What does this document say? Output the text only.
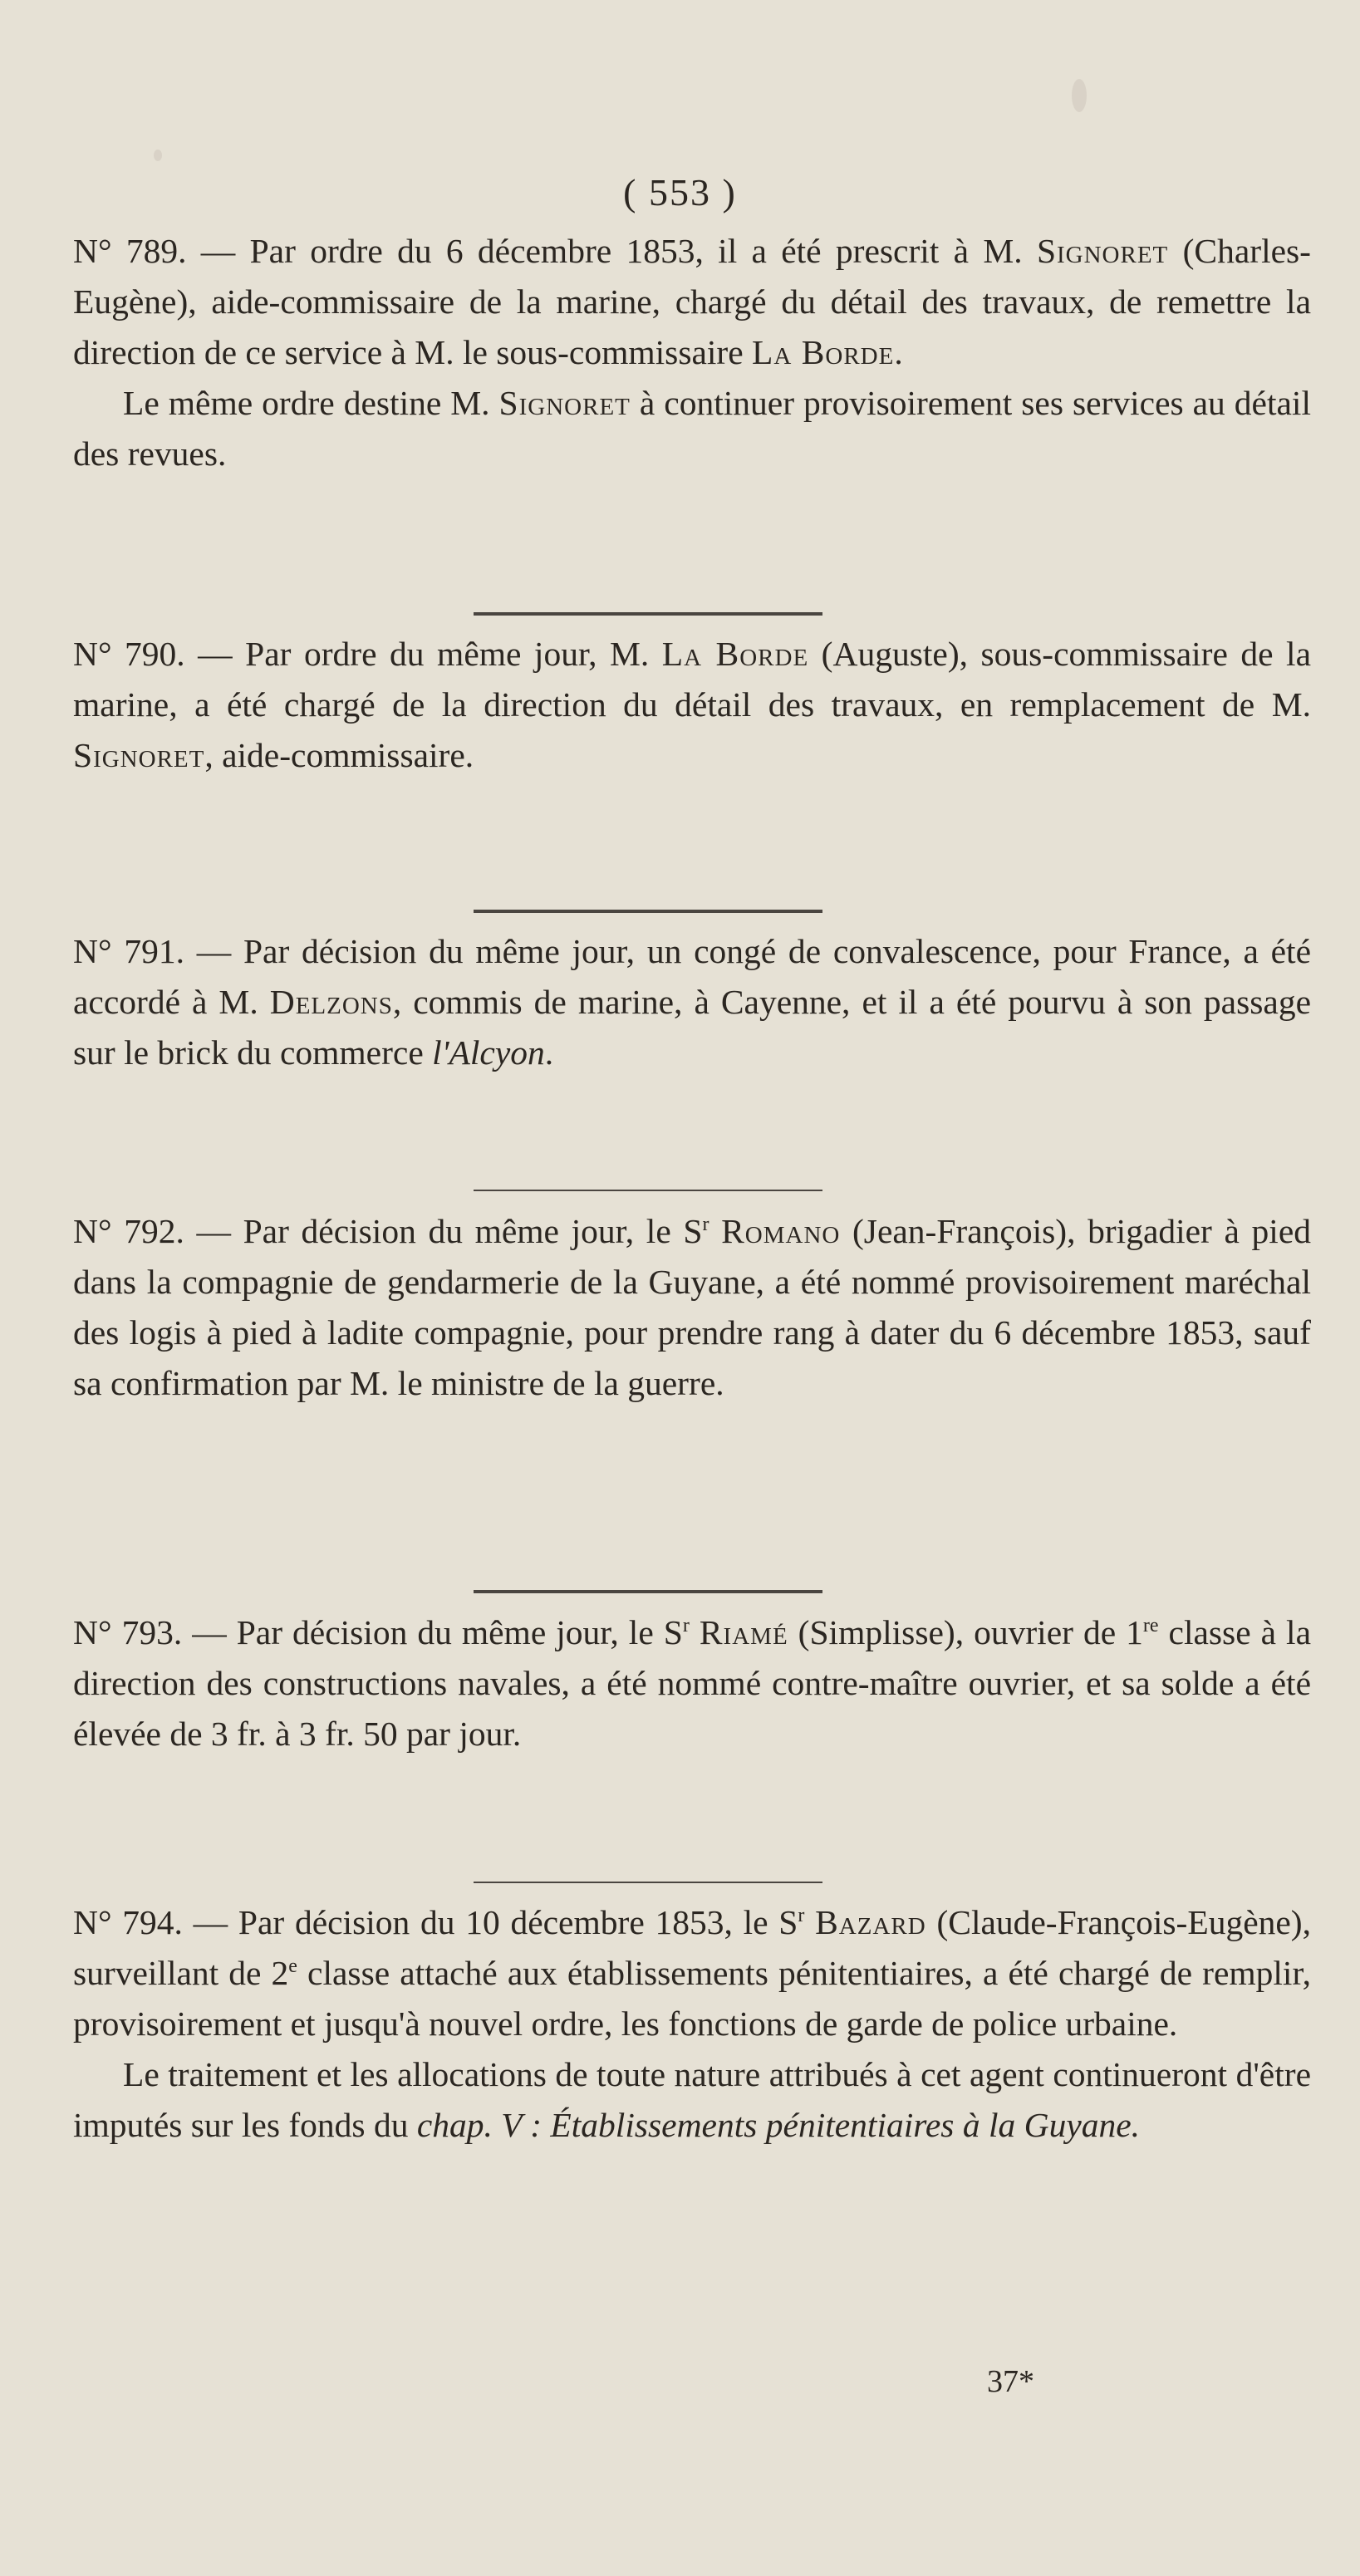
( 553 )

N° 789. — Par ordre du 6 décembre 1853, il a été prescrit à M. Signoret (Charles-Eugène), aide-commissaire de la marine, chargé du détail des travaux, de remettre la direction de ce service à M. le sous-commissaire La Borde.

Le même ordre destine M. Signoret à continuer provisoirement ses services au détail des revues.

N° 790. — Par ordre du même jour, M. La Borde (Auguste), sous-commissaire de la marine, a été chargé de la direction du détail des travaux, en remplacement de M. Signoret, aide-commissaire.

N° 791. — Par décision du même jour, un congé de convalescence, pour France, a été accordé à M. Delzons, commis de marine, à Cayenne, et il a été pourvu à son passage sur le brick du commerce l'Alcyon.

N° 792. — Par décision du même jour, le $S^r$ Romano (Jean-François), brigadier à pied dans la compagnie de gendarmerie de la Guyane, a été nommé provisoirement maréchal des logis à pied à ladite compagnie, pour prendre rang à dater du 6 décembre 1853, sauf sa confirmation par M. le ministre de la guerre.

N° 793. — Par décision du même jour, le $S^r$ Riamé (Simplisse), ouvrier de 1re classe à la direction des constructions navales, a été nommé contre-maître ouvrier, et sa solde a été élevée de 3 fr. à 3 fr. 50 par jour.

N° 794. — Par décision du 10 décembre 1853, le $S^r$ Bazard (Claude-François-Eugène), surveillant de 2e classe attaché aux établissements pénitentiaires, a été chargé de remplir, provisoirement et jusqu'à nouvel ordre, les fonctions de garde de police urbaine.

Le traitement et les allocations de toute nature attribués à cet agent continueront d'être imputés sur les fonds du chap. V : Établissements pénitentiaires à la Guyane.

37*
